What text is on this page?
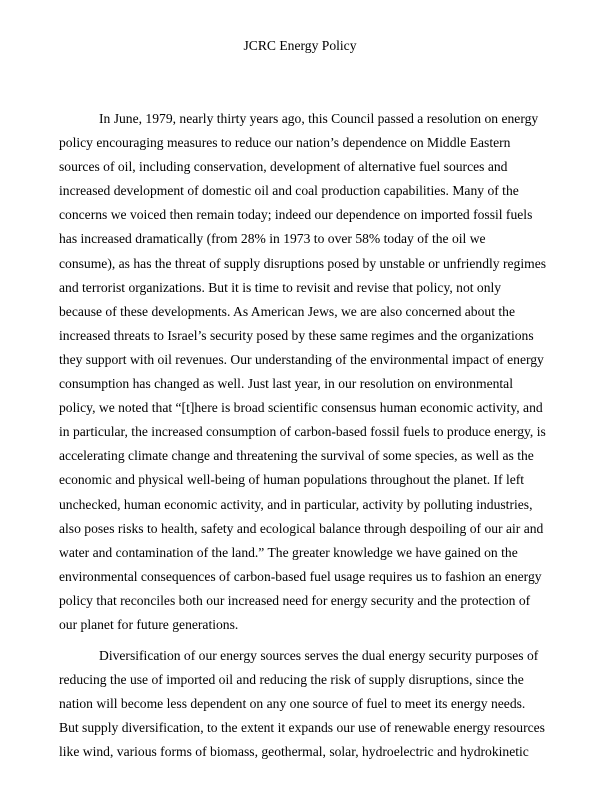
JCRC Energy Policy
In June, 1979, nearly thirty years ago, this Council passed a resolution on energy
policy encouraging measures to reduce our nation’s dependence on Middle Eastern
sources of oil, including conservation, development of alternative fuel sources and
increased development of domestic oil and coal production capabilities. Many of the
concerns we voiced then remain today; indeed our dependence on imported fossil fuels
has increased dramatically (from 28% in 1973 to over 58% today of the oil we
consume), as has the threat of supply disruptions posed by unstable or unfriendly regimes
and terrorist organizations. But it is time to revisit and revise that policy, not only
because of these developments. As American Jews, we are also concerned about the
increased threats to Israel’s security posed by these same regimes and the organizations
they support with oil revenues. Our understanding of the environmental impact of energy
consumption has changed as well. Just last year, in our resolution on environmental
policy, we noted that “[t]here is broad scientific consensus human economic activity, and
in particular, the increased consumption of carbon-based fossil fuels to produce energy, is
accelerating climate change and threatening the survival of some species, as well as the
economic and physical well-being of human populations throughout the planet. If left
unchecked, human economic activity, and in particular, activity by polluting industries,
also poses risks to health, safety and ecological balance through despoiling of our air and
water and contamination of the land.” The greater knowledge we have gained on the
environmental consequences of carbon-based fuel usage requires us to fashion an energy
policy that reconciles both our increased need for energy security and the protection of
our planet for future generations.
Diversification of our energy sources serves the dual energy security purposes of
reducing the use of imported oil and reducing the risk of supply disruptions, since the
nation will become less dependent on any one source of fuel to meet its energy needs.
But supply diversification, to the extent it expands our use of renewable energy resources
like wind, various forms of biomass, geothermal, solar, hydroelectric and hydrokinetic
